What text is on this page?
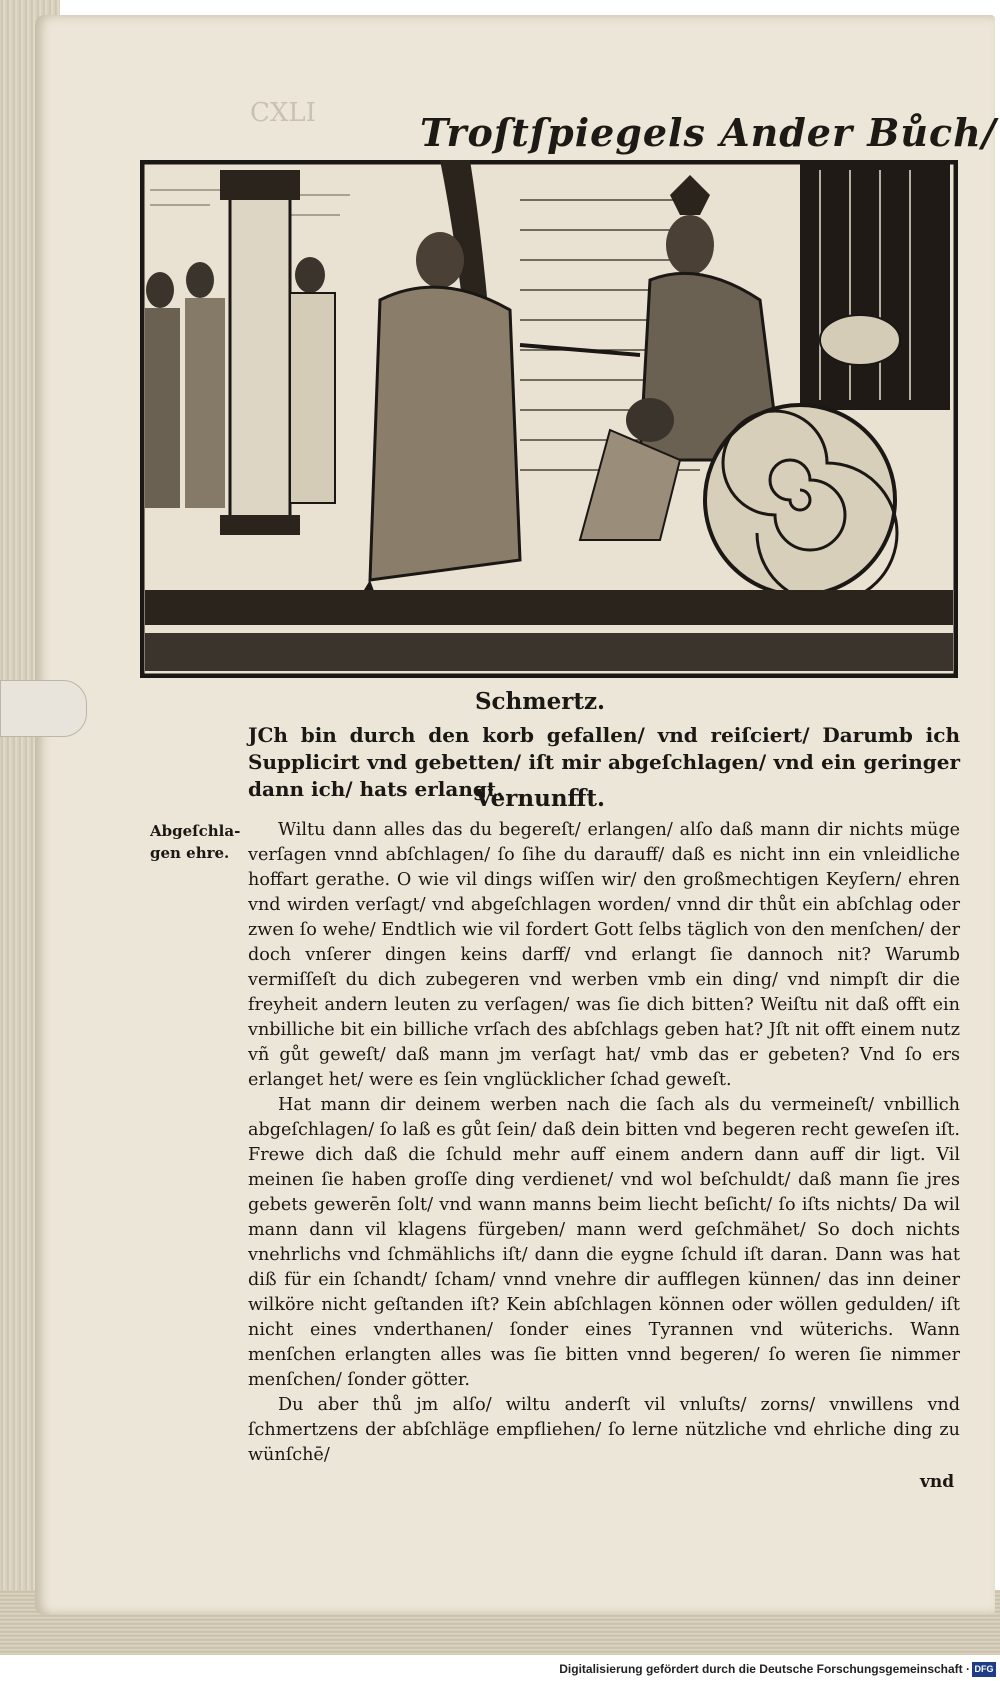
CXLI	Troſtſpiegels Ander Bůch/
Schmertz.

JCh bin durch den korb gefallen/ vnd reiſciert/ Darumb ich Supplicirt vnd gebetten/ iſt mir abgeſchlagen/ vnd ein geringer dann ich/ hats erlangt.

Vernunfft.
Abgeſchla-gen ehre.

Wiltu dann alles das du begereſt/ erlangen/ alſo daß mann dir nichts müge verſagen vnnd abſchlagen/ ſo ſihe du darauff/ daß es nicht inn ein vnleidliche hoffart gerathe. O wie vil dings wiſſen wir/ den großmechtigen Keyſern/ ehren vnd wirden verſagt/ vnd abgeſchlagen worden/ vnnd dir thůt ein abſchlag oder zwen ſo wehe/ Endtlich wie vil fordert Gott ſelbs täglich von den menſchen/ der doch vnſerer dingen keins darff/ vnd erlangt ſie dannoch nit? Warumb vermiſſeſt du dich zubegeren vnd werben vmb ein ding/ vnd nimpſt dir die freyheit andern leuten zu verſagen/ was ſie dich bitten? Weiſtu nit daß offt ein vnbilliche bit ein billiche vrſach des abſchlags geben hat? Jſt nit offt einem nutz vñ gůt geweſt/ daß mann jm verſagt hat/ vmb das er gebeten? Vnd ſo ers erlanget het/ were es ſein vnglücklicher ſchad geweſt.

Hat mann dir deinem werben nach die ſach als du vermeineſt/ vnbillich abgeſchlagen/ ſo laß es gůt ſein/ daß dein bitten vnd begeren recht geweſen iſt. Frewe dich daß die ſchuld mehr auff einem andern dann auff dir ligt. Vil meinen ſie haben groſſe ding verdienet/ vnd wol beſchuldt/ daß mann ſie jres gebets gewerēn ſolt/ vnd wann manns beim liecht beſicht/ ſo iſts nichts/ Da wil mann dann vil klagens fürgeben/ mann werd geſchmähet/ So doch nichts vnehrlichs vnd ſchmählichs iſt/ dann die eygne ſchuld iſt daran. Dann was hat diß für ein ſchandt/ ſcham/ vnnd vnehre dir aufflegen künnen/ das inn deiner wilköre nicht geſtanden iſt? Kein abſchlagen können oder wöllen gedulden/ iſt nicht eines vnderthanen/ ſonder eines Tyrannen vnd wüterichs. Wann menſchen erlangten alles was ſie bitten vnnd begeren/ ſo weren ſie nimmer menſchen/ ſonder götter.

Du aber thů jm alſo/ wiltu anderſt vil vnluſts/ zorns/ vnwillens vnd ſchmertzens der abſchläge empfliehen/ ſo lerne nützliche vnd ehrliche ding zu wünſchē/

vnd
Digitalisierung gefördert durch die Deutsche Forschungsgemeinschaft · DFG
